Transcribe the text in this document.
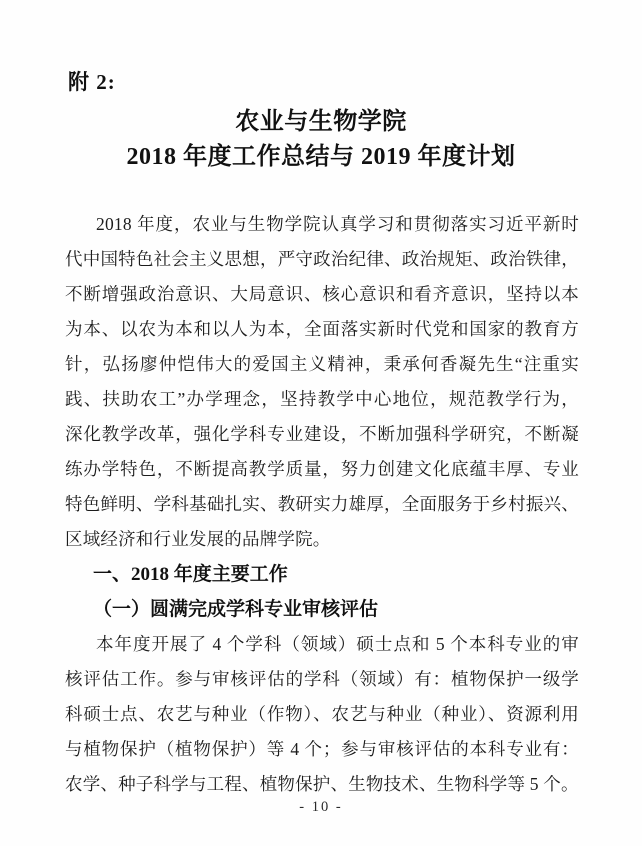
附 2:
农业与生物学院
2018 年度工作总结与 2019 年度计划
2018 年度，农业与生物学院认真学习和贯彻落实习近平新时
代中国特色社会主义思想，严守政治纪律、政治规矩、政治铁律，
不断增强政治意识、大局意识、核心意识和看齐意识，坚持以本
为本、以农为本和以人为本，全面落实新时代党和国家的教育方
针，弘扬廖仲恺伟大的爱国主义精神，秉承何香凝先生“注重实
践、扶助农工”办学理念，坚持教学中心地位，规范教学行为，
深化教学改革，强化学科专业建设，不断加强科学研究，不断凝
练办学特色，不断提高教学质量，努力创建文化底蕴丰厚、专业
特色鲜明、学科基础扎实、教研实力雄厚，全面服务于乡村振兴、
区域经济和行业发展的品牌学院。
一、2018 年度主要工作
（一）圆满完成学科专业审核评估
本年度开展了 4 个学科（领域）硕士点和 5 个本科专业的审
核评估工作。参与审核评估的学科（领域）有：植物保护一级学
科硕士点、农艺与种业（作物）、农艺与种业（种业）、资源利用
与植物保护（植物保护）等 4 个；参与审核评估的本科专业有：
农学、种子科学与工程、植物保护、生物技术、生物科学等 5 个。
- 10 -
